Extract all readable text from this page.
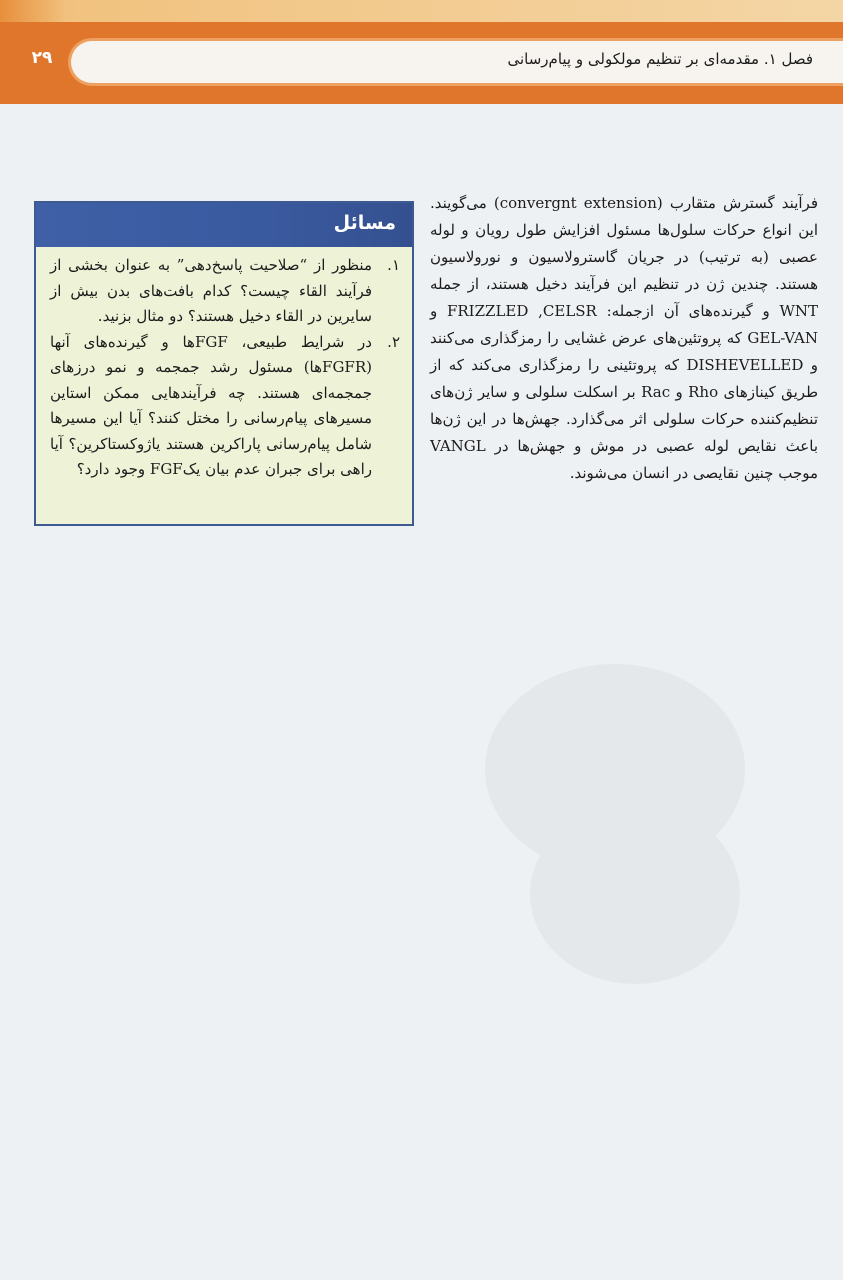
۲۹	فصل ۱. مقدمه‌ای بر تنظیم مولکولی و پیام‌رسانی

فرآیند گسترش متقارب (convergnt extension) می‌گویند. این انواع حرکات سلول‌ها مسئول افزایش طول رویان و لوله عصبی (به ترتیب) در جریان گاسترولاسیون و نورولاسیون هستند. چندین ژن در تنظیم این فرآیند دخیل هستند، از جمله WNT و گیرنده‌های آن ازجمله: FRIZZLED ,CELSR و GEL-VAN که پروتئین‌های عرض غشایی را رمزگذاری می‌کنند و DISHEVELLED که پروتئینی را رمزگذاری می‌کند که از طریق کینازهای Rho و Rac بر اسکلت سلولی و سایر ژن‌های تنظیم‌کننده حرکات سلولی اثر می‌گذارد. جهش‌ها در این ژن‌ها باعث نقایص لوله عصبی در موش و جهش‌ها در VANGL موجب چنین نقایصی در انسان می‌شوند.

مسائل
۱.
منظور از “صلاحیت پاسخ‌دهی” به عنوان بخشی از فرآیند القاء چیست؟ کدام بافت‌های بدن بیش از سایرین در القاء دخیل هستند؟ دو مثال بزنید.
۲.
در شرایط طبیعی، FGFها و گیرنده‌های آنها (FGFRها) مسئول رشد جمجمه و نمو درزهای جمجمه‌ای هستند. چه فرآیندهایی ممکن استاین مسیرهای پیام‌رسانی را مختل کنند؟ آیا این مسیرها شامل پیام‌رسانی پاراکرین هستند یاژوکستاکرین؟ آیا راهی برای جبران عدم بیان یکFGF وجود دارد؟
